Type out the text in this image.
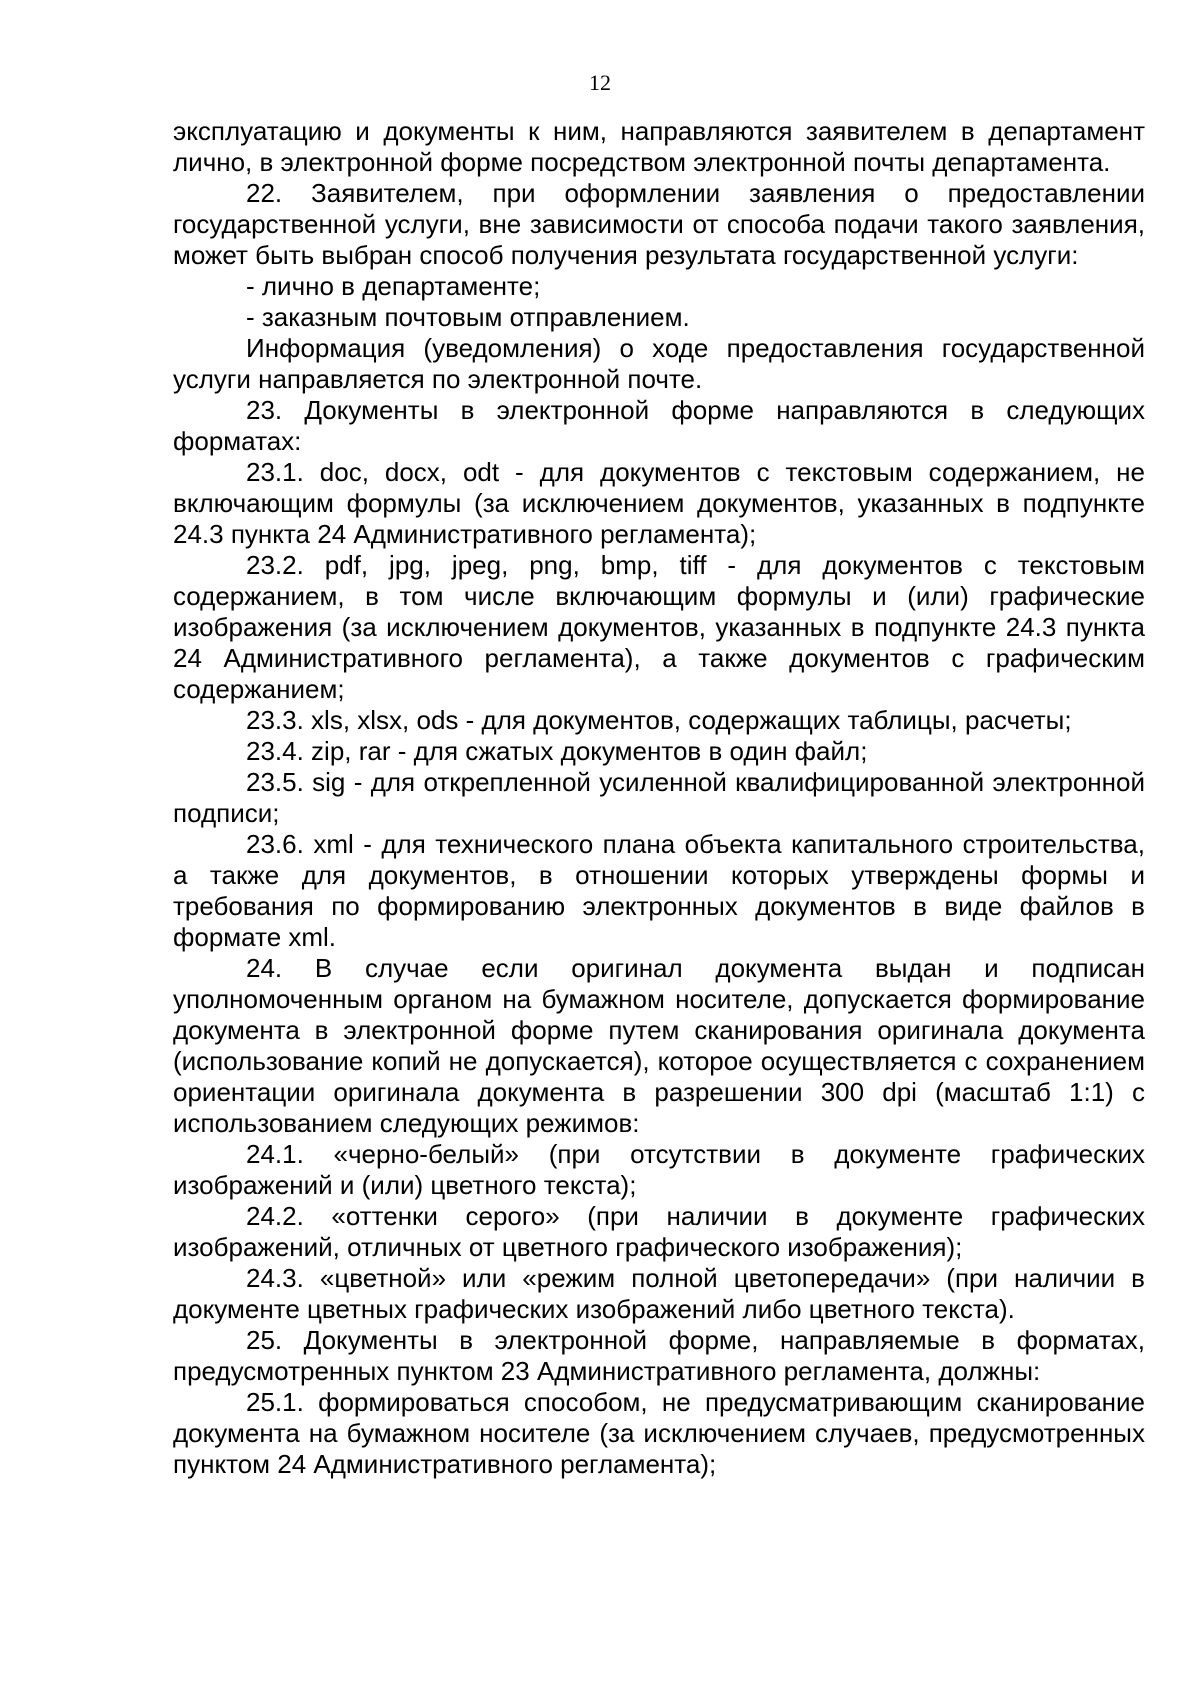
12

эксплуатацию и документы к ним, направляются заявителем в департамент лично, в электронной форме посредством электронной почты департамента.

22. Заявителем, при оформлении заявления о предоставлении государственной услуги, вне зависимости от способа подачи такого заявления, может быть выбран способ получения результата государственной услуги:

- лично в департаменте;

- заказным почтовым отправлением.

Информация (уведомления) о ходе предоставления государственной услуги направляется по электронной почте.

23. Документы в электронной форме направляются в следующих форматах:

23.1. doc, docx, odt - для документов с текстовым содержанием, не включающим формулы (за исключением документов, указанных в подпункте 24.3 пункта 24 Административного регламента);

23.2. pdf, jpg, jpeg, png, bmp, tiff - для документов с текстовым содержанием, в том числе включающим формулы и (или) графические изображения (за исключением документов, указанных в подпункте 24.3 пункта 24 Административного регламента), а также документов с графическим содержанием;

23.3. xls, xlsx, ods - для документов, содержащих таблицы, расчеты;

23.4. zip, rar - для сжатых документов в один файл;

23.5. sig - для открепленной усиленной квалифицированной электронной подписи;

23.6. xml - для технического плана объекта капитального строительства, а также для документов, в отношении которых утверждены формы и требования по формированию электронных документов в виде файлов в формате xml.

24. В случае если оригинал документа выдан и подписан уполномоченным органом на бумажном носителе, допускается формирование документа в электронной форме путем сканирования оригинала документа (использование копий не допускается), которое осуществляется с сохранением ориентации оригинала документа в разрешении 300 dpi (масштаб 1:1) с использованием следующих режимов:

24.1. «черно-белый» (при отсутствии в документе графических изображений и (или) цветного текста);

24.2. «оттенки серого» (при наличии в документе графических изображений, отличных от цветного графического изображения);

24.3. «цветной» или «режим полной цветопередачи» (при наличии в документе цветных графических изображений либо цветного текста).

25. Документы в электронной форме, направляемые в форматах, предусмотренных пунктом 23 Административного регламента, должны:

25.1. формироваться способом, не предусматривающим сканирование документа на бумажном носителе (за исключением случаев, предусмотренных пунктом 24 Административного регламента);
